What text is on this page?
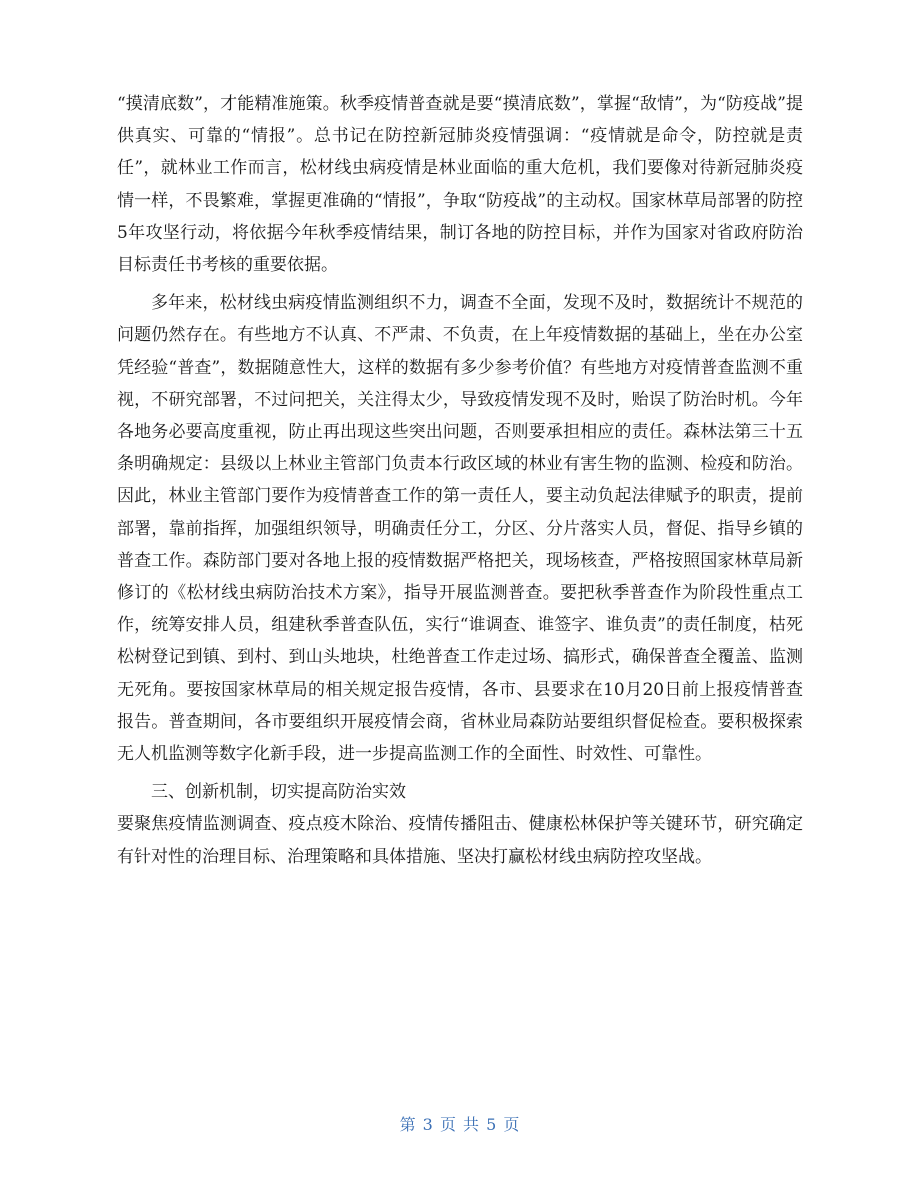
“摸清底数”，才能精准施策。秋季疫情普查就是要“摸清底数”，掌握“敌情”，为“防疫战”提供真实、可靠的“情报”。总书记在防控新冠肺炎疫情强调：“疫情就是命令，防控就是责任”，就林业工作而言，松材线虫病疫情是林业面临的重大危机，我们要像对待新冠肺炎疫情一样，不畏繁难，掌握更准确的“情报”，争取“防疫战”的主动权。国家林草局部署的防控5年攻坚行动，将依据今年秋季疫情结果，制订各地的防控目标，并作为国家对省政府防治目标责任书考核的重要依据。

多年来，松材线虫病疫情监测组织不力，调查不全面，发现不及时，数据统计不规范的问题仍然存在。有些地方不认真、不严肃、不负责，在上年疫情数据的基础上，坐在办公室凭经验“普查”，数据随意性大，这样的数据有多少参考价值？有些地方对疫情普查监测不重视，不研究部署，不过问把关，关注得太少，导致疫情发现不及时，贻误了防治时机。今年各地务必要高度重视，防止再出现这些突出问题，否则要承担相应的责任。森林法第三十五条明确规定：县级以上林业主管部门负责本行政区域的林业有害生物的监测、检疫和防治。因此，林业主管部门要作为疫情普查工作的第一责任人，要主动负起法律赋予的职责，提前部署，靠前指挥，加强组织领导，明确责任分工，分区、分片落实人员，督促、指导乡镇的普查工作。森防部门要对各地上报的疫情数据严格把关，现场核查，严格按照国家林草局新修订的《松材线虫病防治技术方案》，指导开展监测普查。要把秋季普查作为阶段性重点工作，统筹安排人员，组建秋季普查队伍，实行“谁调查、谁签字、谁负责”的责任制度，枯死松树登记到镇、到村、到山头地块，杜绝普查工作走过场、搞形式，确保普查全覆盖、监测无死角。要按国家林草局的相关规定报告疫情，各市、县要求在10月20日前上报疫情普查报告。普查期间，各市要组织开展疫情会商，省林业局森防站要组织督促检查。要积极探索无人机监测等数字化新手段，进一步提高监测工作的全面性、时效性、可靠性。

三、创新机制，切实提高防治实效

要聚焦疫情监测调查、疫点疫木除治、疫情传播阻击、健康松林保护等关键环节，研究确定有针对性的治理目标、治理策略和具体措施、坚决打赢松材线虫病防控攻坚战。

第 3 页 共 5 页
